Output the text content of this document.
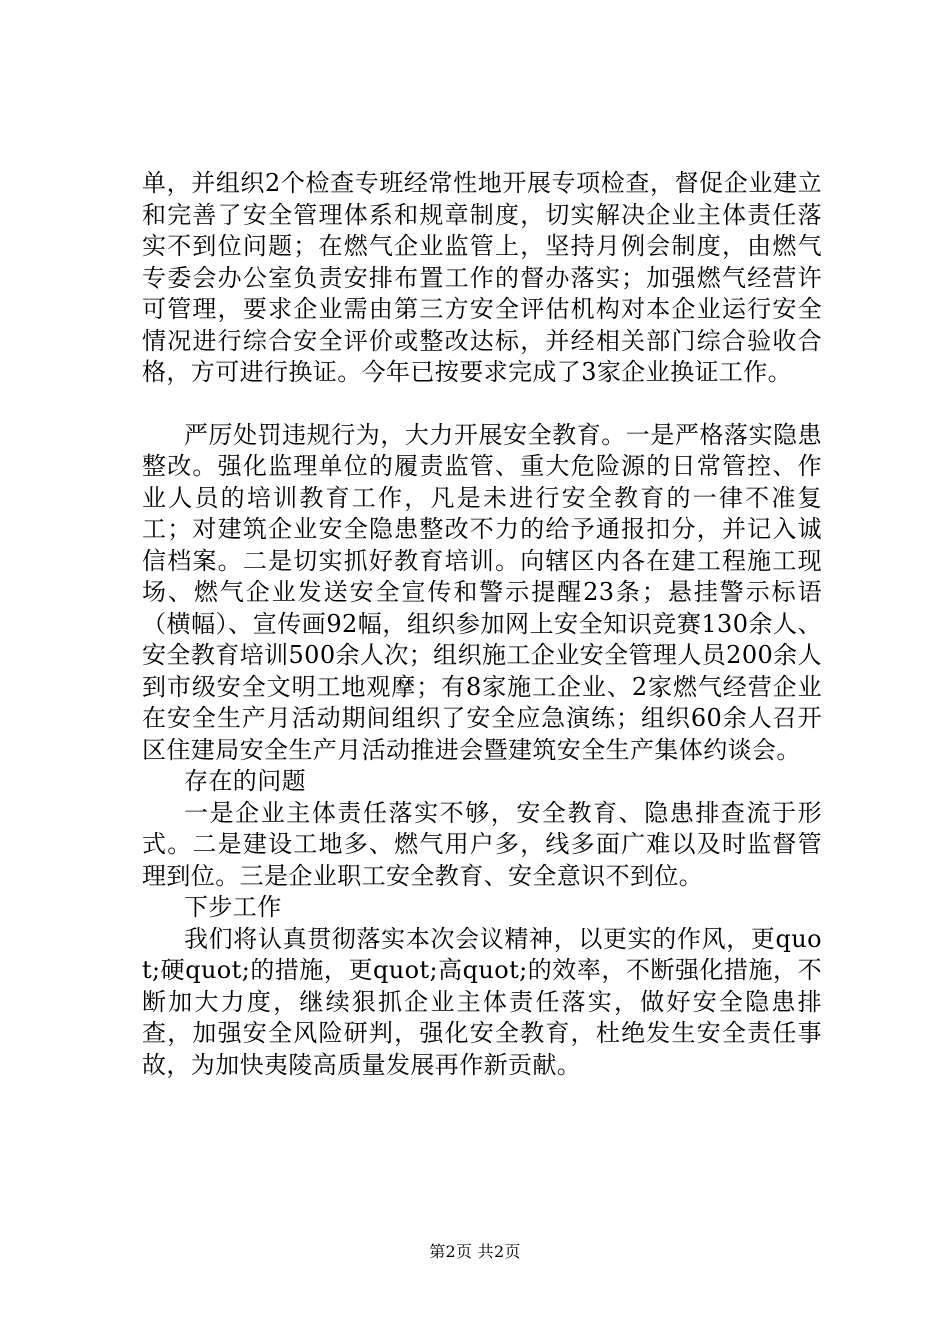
单，并组织2个检查专班经常性地开展专项检查，督促企业建立和完善了安全管理体系和规章制度，切实解决企业主体责任落实不到位问题；在燃气企业监管上，坚持月例会制度，由燃气专委会办公室负责安排布置工作的督办落实；加强燃气经营许可管理，要求企业需由第三方安全评估机构对本企业运行安全情况进行综合安全评价或整改达标，并经相关部门综合验收合格，方可进行换证。今年已按要求完成了3家企业换证工作。

严厉处罚违规行为，大力开展安全教育。一是严格落实隐患整改。强化监理单位的履责监管、重大危险源的日常管控、作业人员的培训教育工作，凡是未进行安全教育的一律不准复工；对建筑企业安全隐患整改不力的给予通报扣分，并记入诚信档案。二是切实抓好教育培训。向辖区内各在建工程施工现场、燃气企业发送安全宣传和警示提醒23条；悬挂警示标语（横幅）、宣传画92幅，组织参加网上安全知识竞赛130余人、安全教育培训500余人次；组织施工企业安全管理人员200余人到市级安全文明工地观摩；有8家施工企业、2家燃气经营企业在安全生产月活动期间组织了安全应急演练；组织60余人召开区住建局安全生产月活动推进会暨建筑安全生产集体约谈会。

存在的问题

一是企业主体责任落实不够，安全教育、隐患排查流于形式。二是建设工地多、燃气用户多，线多面广难以及时监督管理到位。三是企业职工安全教育、安全意识不到位。

下步工作

我们将认真贯彻落实本次会议精神，以更实的作风，更quot;硬quot;的措施，更quot;高quot;的效率，不断强化措施，不断加大力度，继续狠抓企业主体责任落实，做好安全隐患排查，加强安全风险研判，强化安全教育，杜绝发生安全责任事故，为加快夷陵高质量发展再作新贡献。

第2页 共2页
